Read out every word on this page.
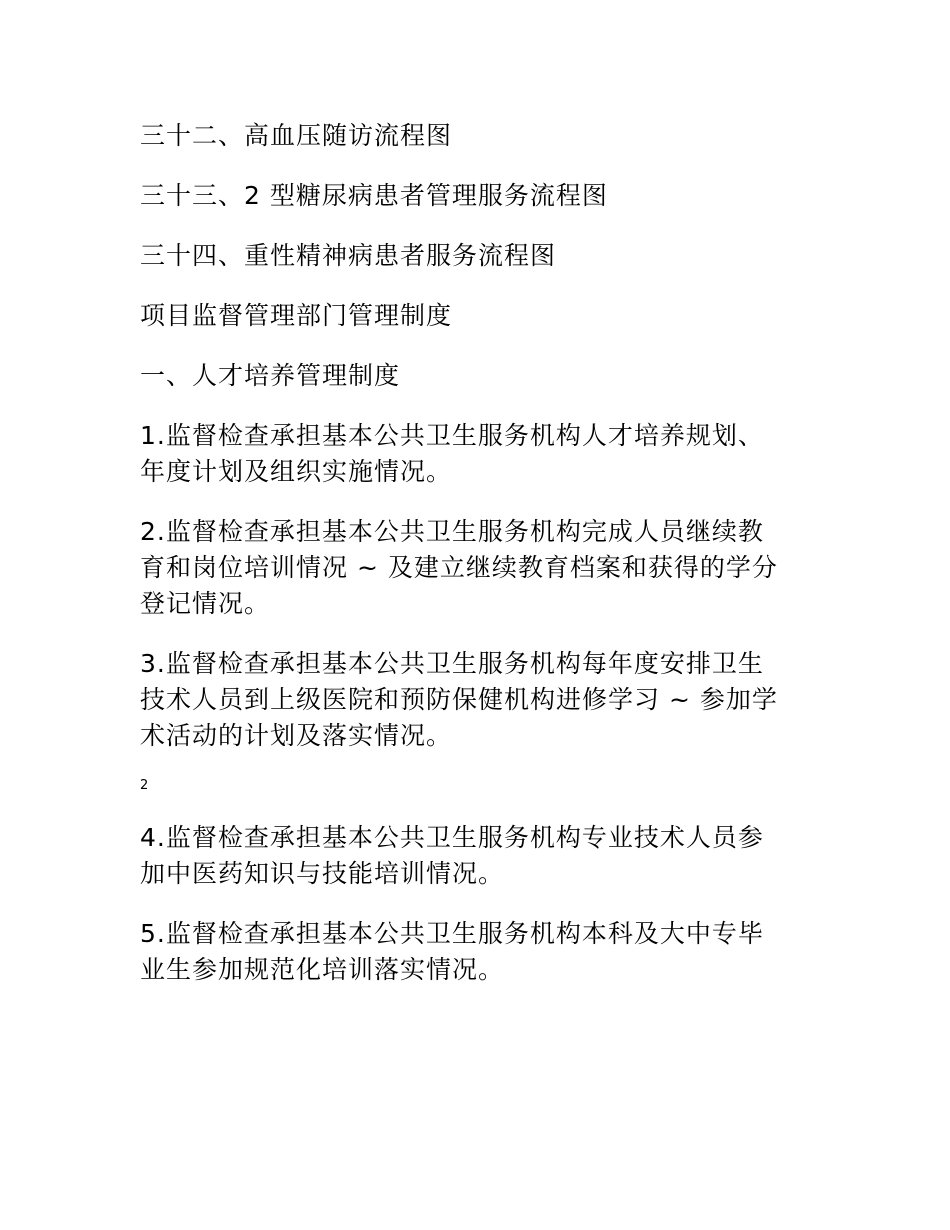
三十二、高血压随访流程图
三十三、2 型糖尿病患者管理服务流程图
三十四、重性精神病患者服务流程图
项目监督管理部门管理制度
一、人才培养管理制度
1.监督检查承担基本公共卫生服务机构人才培养规划、
年度计划及组织实施情况。
2.监督检查承担基本公共卫生服务机构完成人员继续教
育和岗位培训情况 ~ 及建立继续教育档案和获得的学分
登记情况。
3.监督检查承担基本公共卫生服务机构每年度安排卫生
技术人员到上级医院和预防保健机构进修学习 ~ 参加学
术活动的计划及落实情况。
2
4.监督检查承担基本公共卫生服务机构专业技术人员参
加中医药知识与技能培训情况。
5.监督检查承担基本公共卫生服务机构本科及大中专毕
业生参加规范化培训落实情况。
